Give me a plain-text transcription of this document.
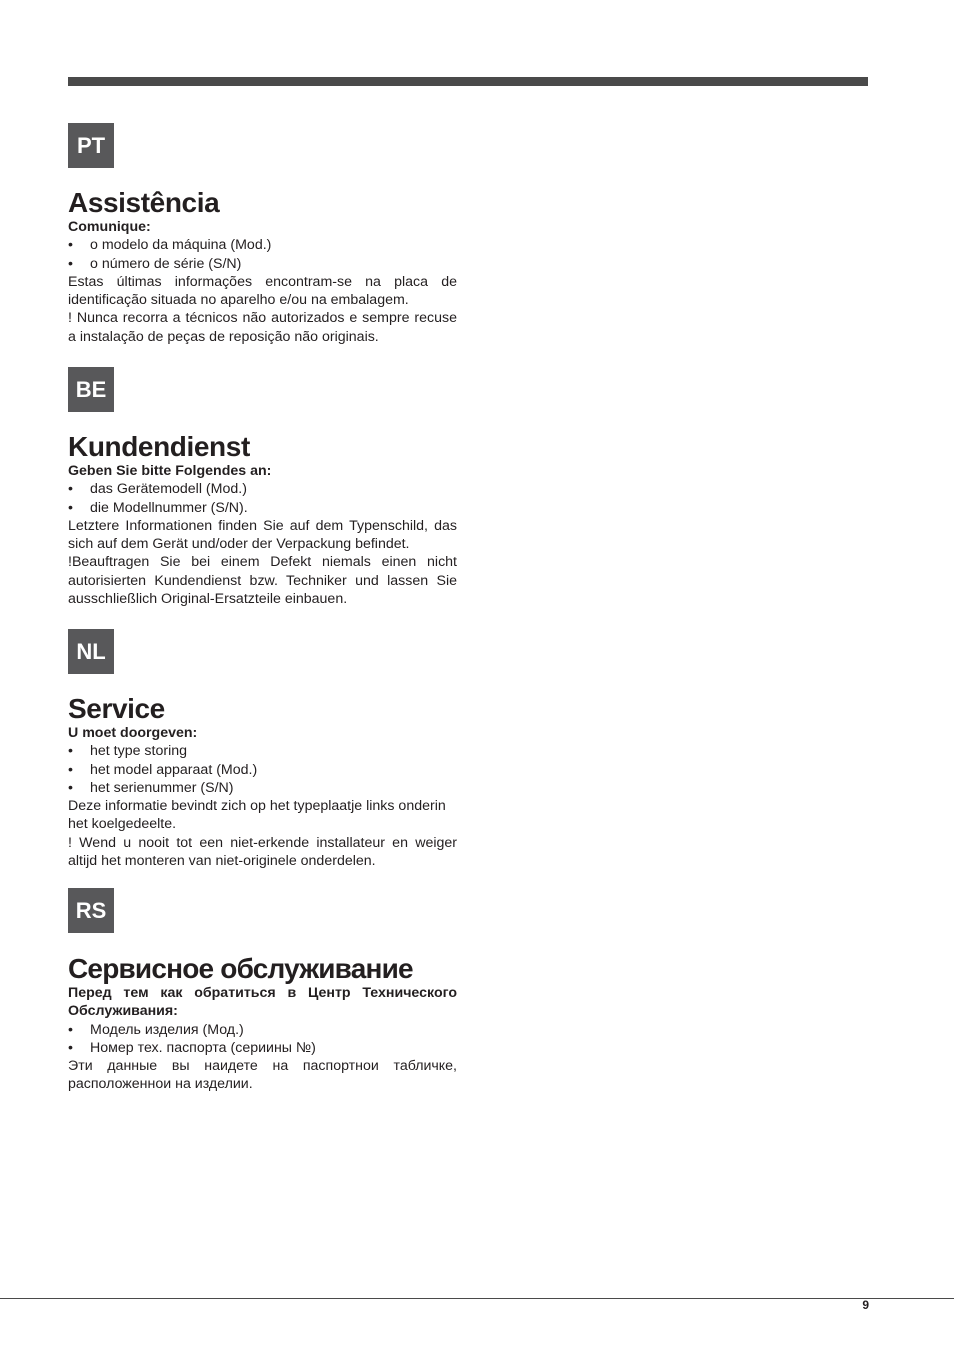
PT
Assistência
Comunique:
• o modelo da máquina (Mod.)
• o número de série (S/N)

Estas últimas informações encontram-se na placa de identificação situada no aparelho e/ou na embalagem.

! Nunca recorra a técnicos não autorizados e sempre recuse a instalação de peças de reposição não originais.

BE
Kundendienst
Geben Sie bitte Folgendes an:
• das Gerätemodell (Mod.)
• die Modellnummer (S/N).

Letztere Informationen finden Sie auf dem Typenschild, das sich auf dem Gerät und/oder der Verpackung befindet.

!Beauftragen Sie bei einem Defekt niemals einen nicht autorisierten Kundendienst bzw. Techniker und lassen Sie ausschließlich Original-Ersatzteile einbauen.

NL
Service
U moet doorgeven:
• het type storing
• het model apparaat (Mod.)
• het serienummer (S/N)

Deze informatie bevindt zich op het typeplaatje links onderin het koelgedeelte.

! Wend u nooit tot een niet-erkende installateur en weiger altijd het monteren van niet-originele onderdelen.

RS
Сервисное обслуживание
Перед тем как обратиться в Центр Технического Обслуживания:
• Модель изделия (Мод.)
• Номер тех. паспорта (сериины №)

Эти данные вы наидете на паспортнои табличке, расположеннои на изделии.

9
